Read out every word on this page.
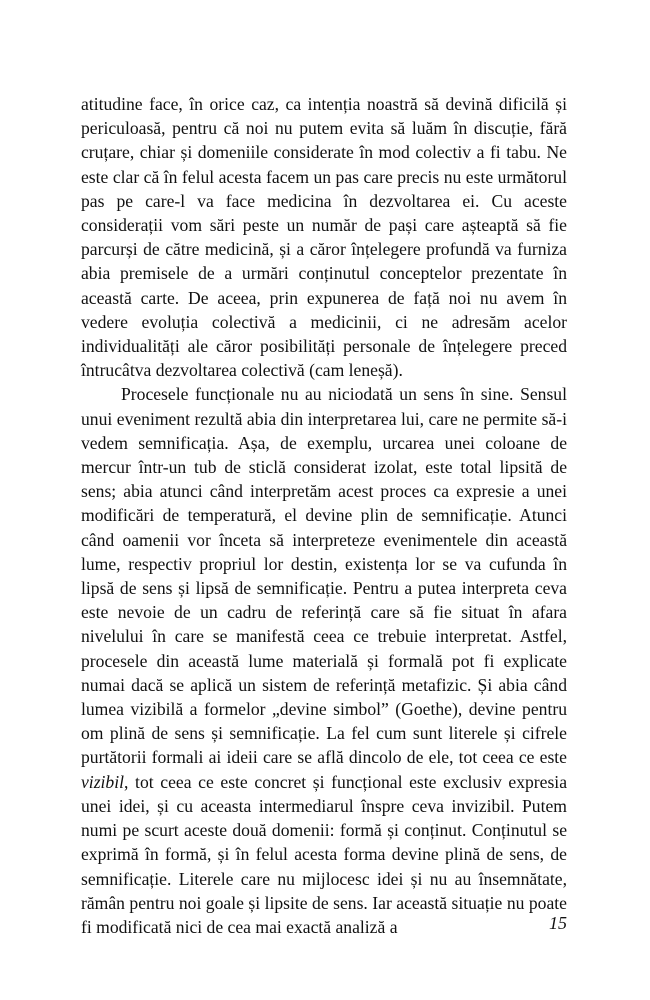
atitudine face, în orice caz, ca intenția noastră să devină dificilă și periculoasă, pentru că noi nu putem evita să luăm în discuție, fără cruțare, chiar și domeniile considerate în mod colectiv a fi tabu. Ne este clar că în felul acesta facem un pas care precis nu este următorul pas pe care-l va face medicina în dezvoltarea ei. Cu aceste considerații vom sări peste un număr de pași care așteaptă să fie parcurși de către medicină, și a căror înțelegere profundă va furniza abia premisele de a urmări conținutul conceptelor prezentate în această carte. De aceea, prin expunerea de față noi nu avem în vedere evoluția colectivă a medicinii, ci ne adresăm acelor individualități ale căror posibilități personale de înțelegere preced întrucâtva dezvoltarea colectivă (cam leneșă).

Procesele funcționale nu au niciodată un sens în sine. Sensul unui eveniment rezultă abia din interpretarea lui, care ne permite să-i vedem semnificația. Așa, de exemplu, urcarea unei coloane de mercur într-un tub de sticlă considerat izolat, este total lipsită de sens; abia atunci când interpretăm acest proces ca expresie a unei modificări de temperatură, el devine plin de semnificație. Atunci când oamenii vor înceta să interpreteze evenimentele din această lume, respectiv propriul lor destin, existența lor se va cufunda în lipsă de sens și lipsă de semnificație. Pentru a putea interpreta ceva este nevoie de un cadru de referință care să fie situat în afara nivelului în care se manifestă ceea ce trebuie interpretat. Astfel, procesele din această lume materială și formală pot fi explicate numai dacă se aplică un sistem de referință metafizic. Și abia când lumea vizibilă a formelor „devine simbol” (Goethe), devine pentru om plină de sens și semnificație. La fel cum sunt literele și cifrele purtătorii formali ai ideii care se află dincolo de ele, tot ceea ce este vizibil, tot ceea ce este concret și funcțional este exclusiv expresia unei idei, și cu aceasta intermediarul înspre ceva invizibil. Putem numi pe scurt aceste două domenii: formă și conținut. Conținutul se exprimă în formă, și în felul acesta forma devine plină de sens, de semnificație. Literele care nu mijlocesc idei și nu au însemnătate, rămân pentru noi goale și lipsite de sens. Iar această situație nu poate fi modificată nici de cea mai exactă analiză a	15
